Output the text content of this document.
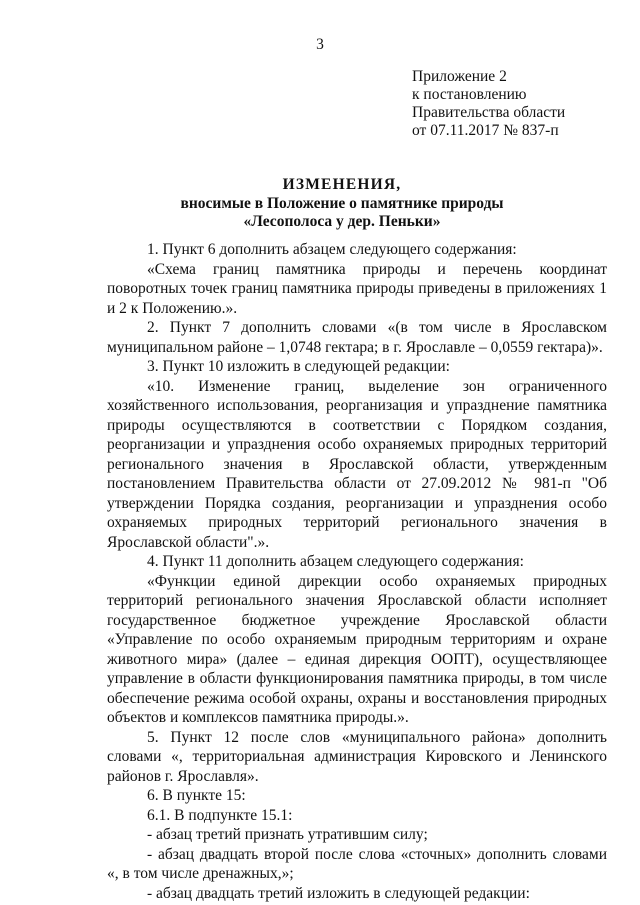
3
Приложение 2
к постановлению
Правительства области
от 07.11.2017 № 837-п
ИЗМЕНЕНИЯ,
вносимые в Положение о памятнике природы
«Лесополоса у дер. Пеньки»

1. Пункт 6 дополнить абзацем следующего содержания:

«Схема границ памятника природы и перечень координат поворотных точек границ памятника природы приведены в приложениях 1 и 2 к Положению.».

2. Пункт 7 дополнить словами «(в том числе в Ярославском муниципальном районе – 1,0748 гектара; в г. Ярославле – 0,0559 гектара)».

3. Пункт 10 изложить в следующей редакции:

«10. Изменение границ, выделение зон ограниченного хозяйственного использования, реорганизация и упразднение памятника природы осуществляются в соответствии с Порядком создания, реорганизации и упразднения особо охраняемых природных территорий регионального значения в Ярославской области, утвержденным постановлением Правительства области от 27.09.2012 № 981-п "Об утверждении Порядка создания, реорганизации и упразднения особо охраняемых природных территорий регионального значения в Ярославской области".».

4. Пункт 11 дополнить абзацем следующего содержания:

«Функции единой дирекции особо охраняемых природных территорий регионального значения Ярославской области исполняет государственное бюджетное учреждение Ярославской области «Управление по особо охраняемым природным территориям и охране животного мира» (далее – единая дирекция ООПТ), осуществляющее управление в области функционирования памятника природы, в том числе обеспечение режима особой охраны, охраны и восстановления природных объектов и комплексов памятника природы.».

5. Пункт 12 после слов «муниципального района» дополнить словами «, территориальная администрация Кировского и Ленинского районов г. Ярославля».

6. В пункте 15:

6.1. В подпункте 15.1:

- абзац третий признать утратившим силу;

- абзац двадцать второй после слова «сточных» дополнить словами «, в том числе дренажных,»;

- абзац двадцать третий изложить в следующей редакции:
